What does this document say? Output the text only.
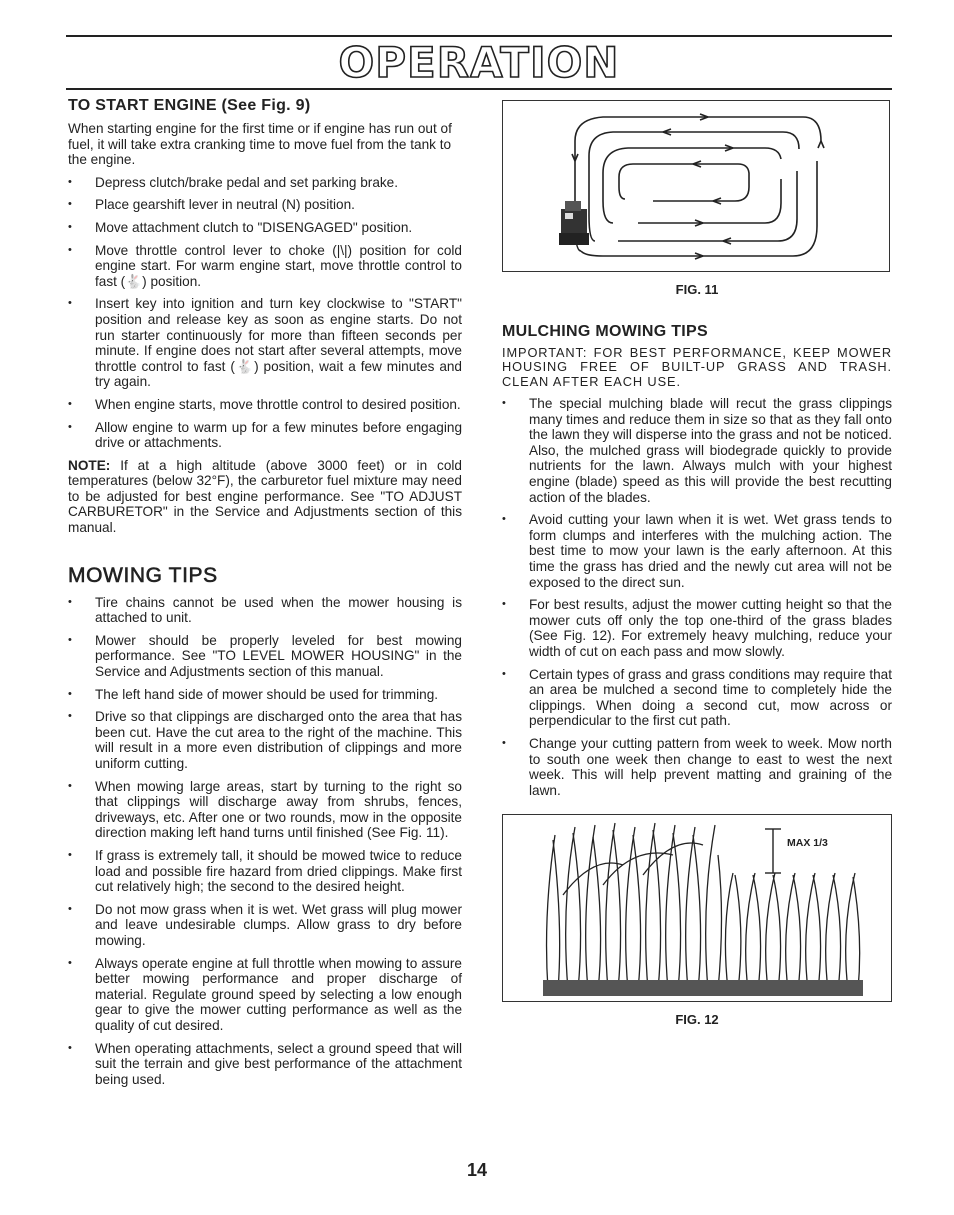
OPERATION
TO START ENGINE (See Fig. 9)

When starting engine for the first time or if engine has run out of fuel, it will take extra cranking time to move fuel from the tank to the engine.

• Depress clutch/brake pedal and set parking brake.
• Place gearshift lever in neutral (N) position.
• Move attachment clutch to "DISENGAGED" position.
• Move throttle control lever to choke (|\|) position for cold engine start. For warm engine start, move throttle control to fast (🐇) position.
• Insert key into ignition and turn key clockwise to "START" position and release key as soon as engine starts. Do not run starter continuously for more than fifteen seconds per minute. If engine does not start after several attempts, move throttle control to fast (🐇) position, wait a few minutes and try again.
• When engine starts, move throttle control to desired position.
• Allow engine to warm up for a few minutes before engaging drive or attachments.

NOTE: If at a high altitude (above 3000 feet) or in cold temperatures (below 32°F), the carburetor fuel mixture may need to be adjusted for best engine performance. See "TO ADJUST CARBURETOR" in the Service and Adjustments section of this manual.

MOWING TIPS
• Tire chains cannot be used when the mower housing is attached to unit.
• Mower should be properly leveled for best mowing performance. See "TO LEVEL MOWER HOUSING" in the Service and Adjustments section of this manual.
• The left hand side of mower should be used for trimming.
• Drive so that clippings are discharged onto the area that has been cut. Have the cut area to the right of the machine. This will result in a more even distribution of clippings and more uniform cutting.
• When mowing large areas, start by turning to the right so that clippings will discharge away from shrubs, fences, driveways, etc. After one or two rounds, mow in the opposite direction making left hand turns until finished (See Fig. 11).
• If grass is extremely tall, it should be mowed twice to reduce load and possible fire hazard from dried clippings. Make first cut relatively high; the second to the desired height.
• Do not mow grass when it is wet. Wet grass will plug mower and leave undesirable clumps. Allow grass to dry before mowing.
• Always operate engine at full throttle when mowing to assure better mowing performance and proper discharge of material. Regulate ground speed by selecting a low enough gear to give the mower cutting performance as well as the quality of cut desired.
• When operating attachments, select a ground speed that will suit the terrain and give best performance of the attachment being used.
FIG. 11
MULCHING MOWING TIPS

IMPORTANT: FOR BEST PERFORMANCE, KEEP MOWER HOUSING FREE OF BUILT-UP GRASS AND TRASH. CLEAN AFTER EACH USE.

• The special mulching blade will recut the grass clippings many times and reduce them in size so that as they fall onto the lawn they will disperse into the grass and not be noticed. Also, the mulched grass will biodegrade quickly to provide nutrients for the lawn. Always mulch with your highest engine (blade) speed as this will provide the best recutting action of the blades.
• Avoid cutting your lawn when it is wet. Wet grass tends to form clumps and interferes with the mulching action. The best time to mow your lawn is the early afternoon. At this time the grass has dried and the newly cut area will not be exposed to the direct sun.
• For best results, adjust the mower cutting height so that the mower cuts off only the top one-third of the grass blades (See Fig. 12). For extremely heavy mulching, reduce your width of cut on each pass and mow slowly.
• Certain types of grass and grass conditions may require that an area be mulched a second time to completely hide the clippings. When doing a second cut, mow across or perpendicular to the first cut path.
• Change your cutting pattern from week to week. Mow north to south one week then change to east to west the next week. This will help prevent matting and graining of the lawn.
MAX 1/3
FIG. 12
14
